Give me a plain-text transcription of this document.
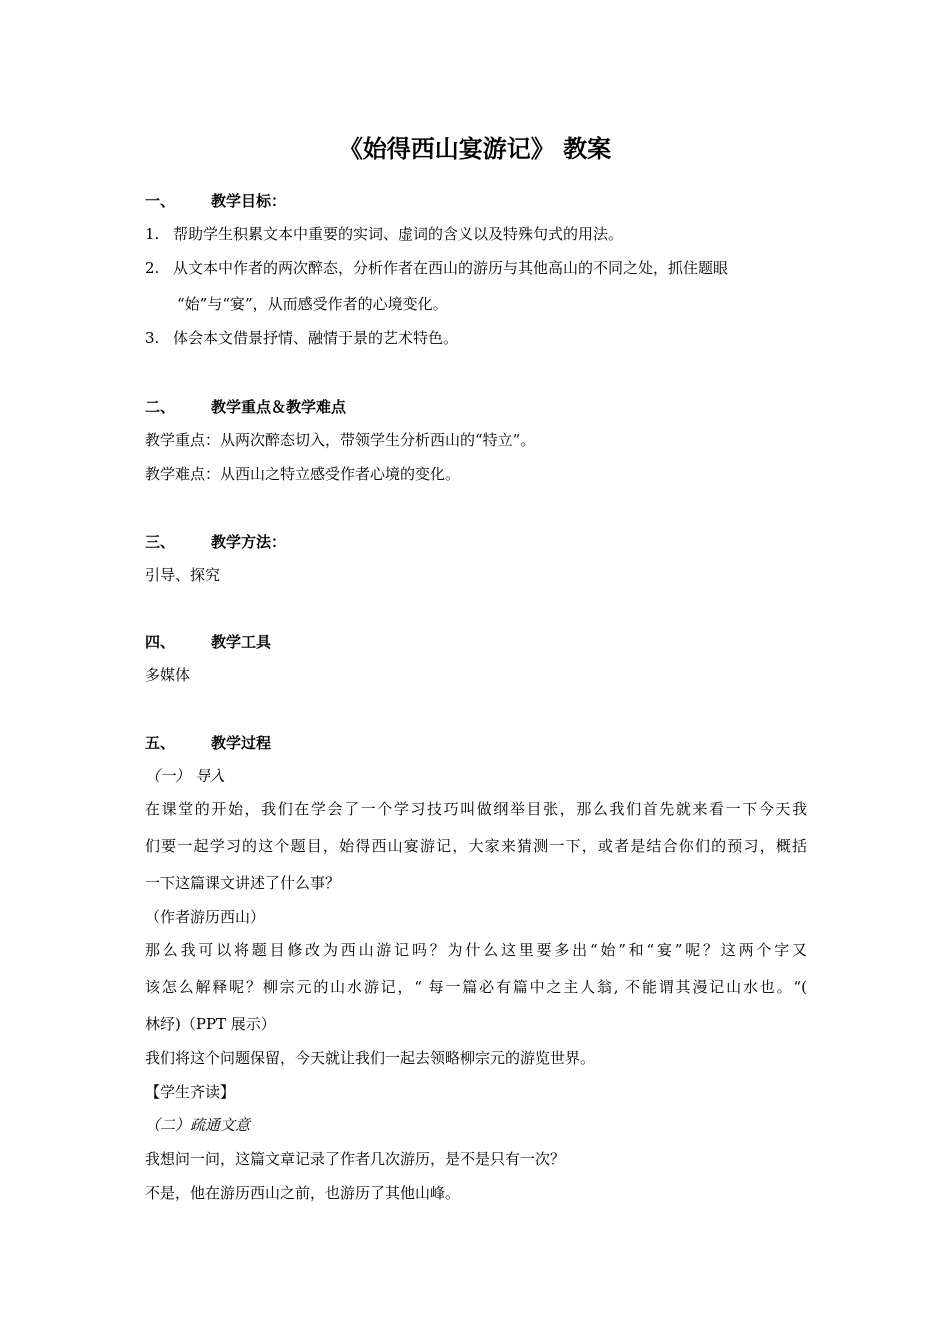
《始得西山宴游记》 教案
一、 教学目标：
1. 帮助学生积累文本中重要的实词、虚词的含义以及特殊句式的用法。
2. 从文本中作者的两次醉态，分析作者在西山的游历与其他高山的不同之处，抓住题眼
“始”与“宴”，从而感受作者的心境变化。
3. 体会本文借景抒情、融情于景的艺术特色。
二、 教学重点＆教学难点
教学重点：从两次醉态切入，带领学生分析西山的“特立”。
教学难点：从西山之特立感受作者心境的变化。
三、 教学方法：
引导、探究
四、 教学工具
多媒体
五、 教学过程
（一） 导入
在课堂的开始，我们在学会了一个学习技巧叫做纲举目张，那么我们首先就来看一下今天我
们要一起学习的这个题目，始得西山宴游记，大家来猜测一下，或者是结合你们的预习，概括
一下这篇课文讲述了什么事？
（作者游历西山）
那么我可以将题目修改为西山游记吗？为什么这里要多出“始”和“宴”呢？这两个字又
该怎么解释呢？柳宗元的山水游记，“ 每一篇必有篇中之主人翁, 不能谓其漫记山水也。“(
林纾)（PPT 展示）
我们将这个问题保留，今天就让我们一起去领略柳宗元的游览世界。
【学生齐读】
（二）疏通文意
我想问一问，这篇文章记录了作者几次游历，是不是只有一次？
不是，他在游历西山之前，也游历了其他山峰。
